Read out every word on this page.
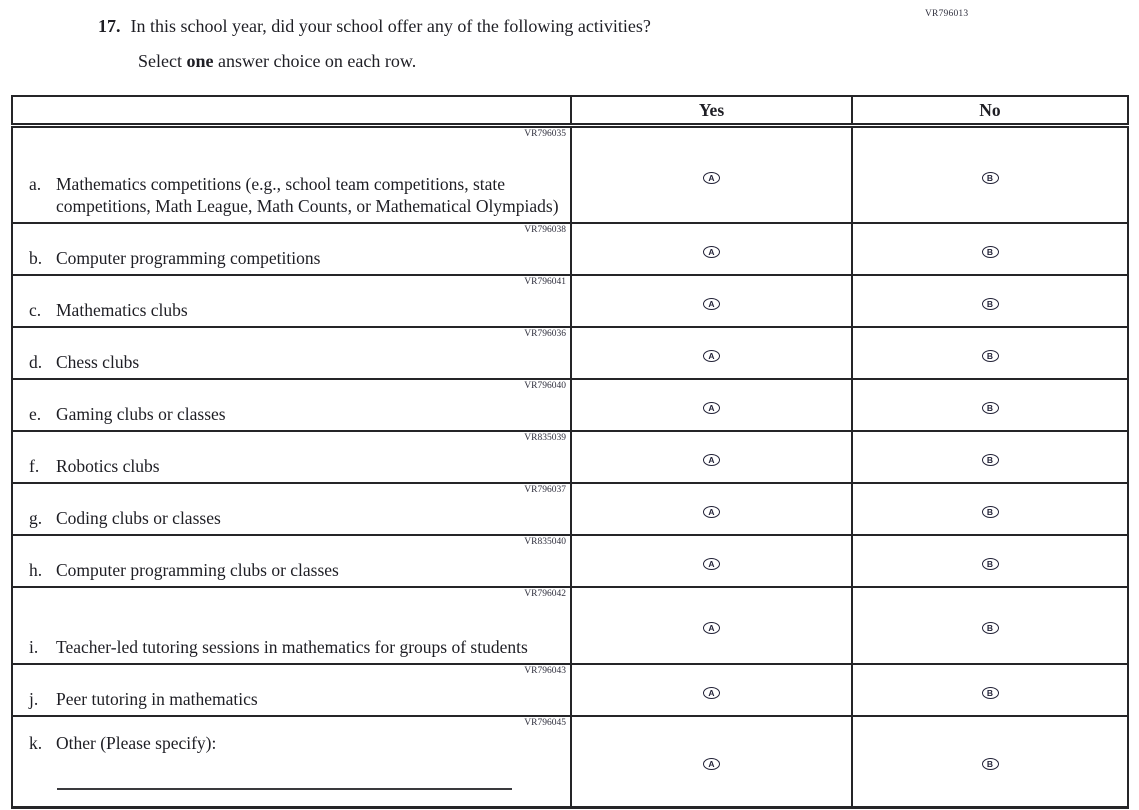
VR796013
17. In this school year, did your school offer any of the following activities?
Select one answer choice on each row.
	Yes	No

VR796035
a. Mathematics competitions (e.g., school team competitions, state competitions, Math League, Math Counts, or Mathematical Olympiads)	A	B

VR796038
b. Computer programming competitions	A	B

VR796041
c. Mathematics clubs	A	B

VR796036
d. Chess clubs	A	B

VR796040
e. Gaming clubs or classes	A	B

VR835039
f. Robotics clubs	A	B

VR796037
g. Coding clubs or classes	A	B

VR835040
h. Computer programming clubs or classes	A	B

VR796042
i. Teacher-led tutoring sessions in mathematics for groups of students	A	B

VR796043
j. Peer tutoring in mathematics	A	B

VR796045
k. Other (Please specify):	A	B
